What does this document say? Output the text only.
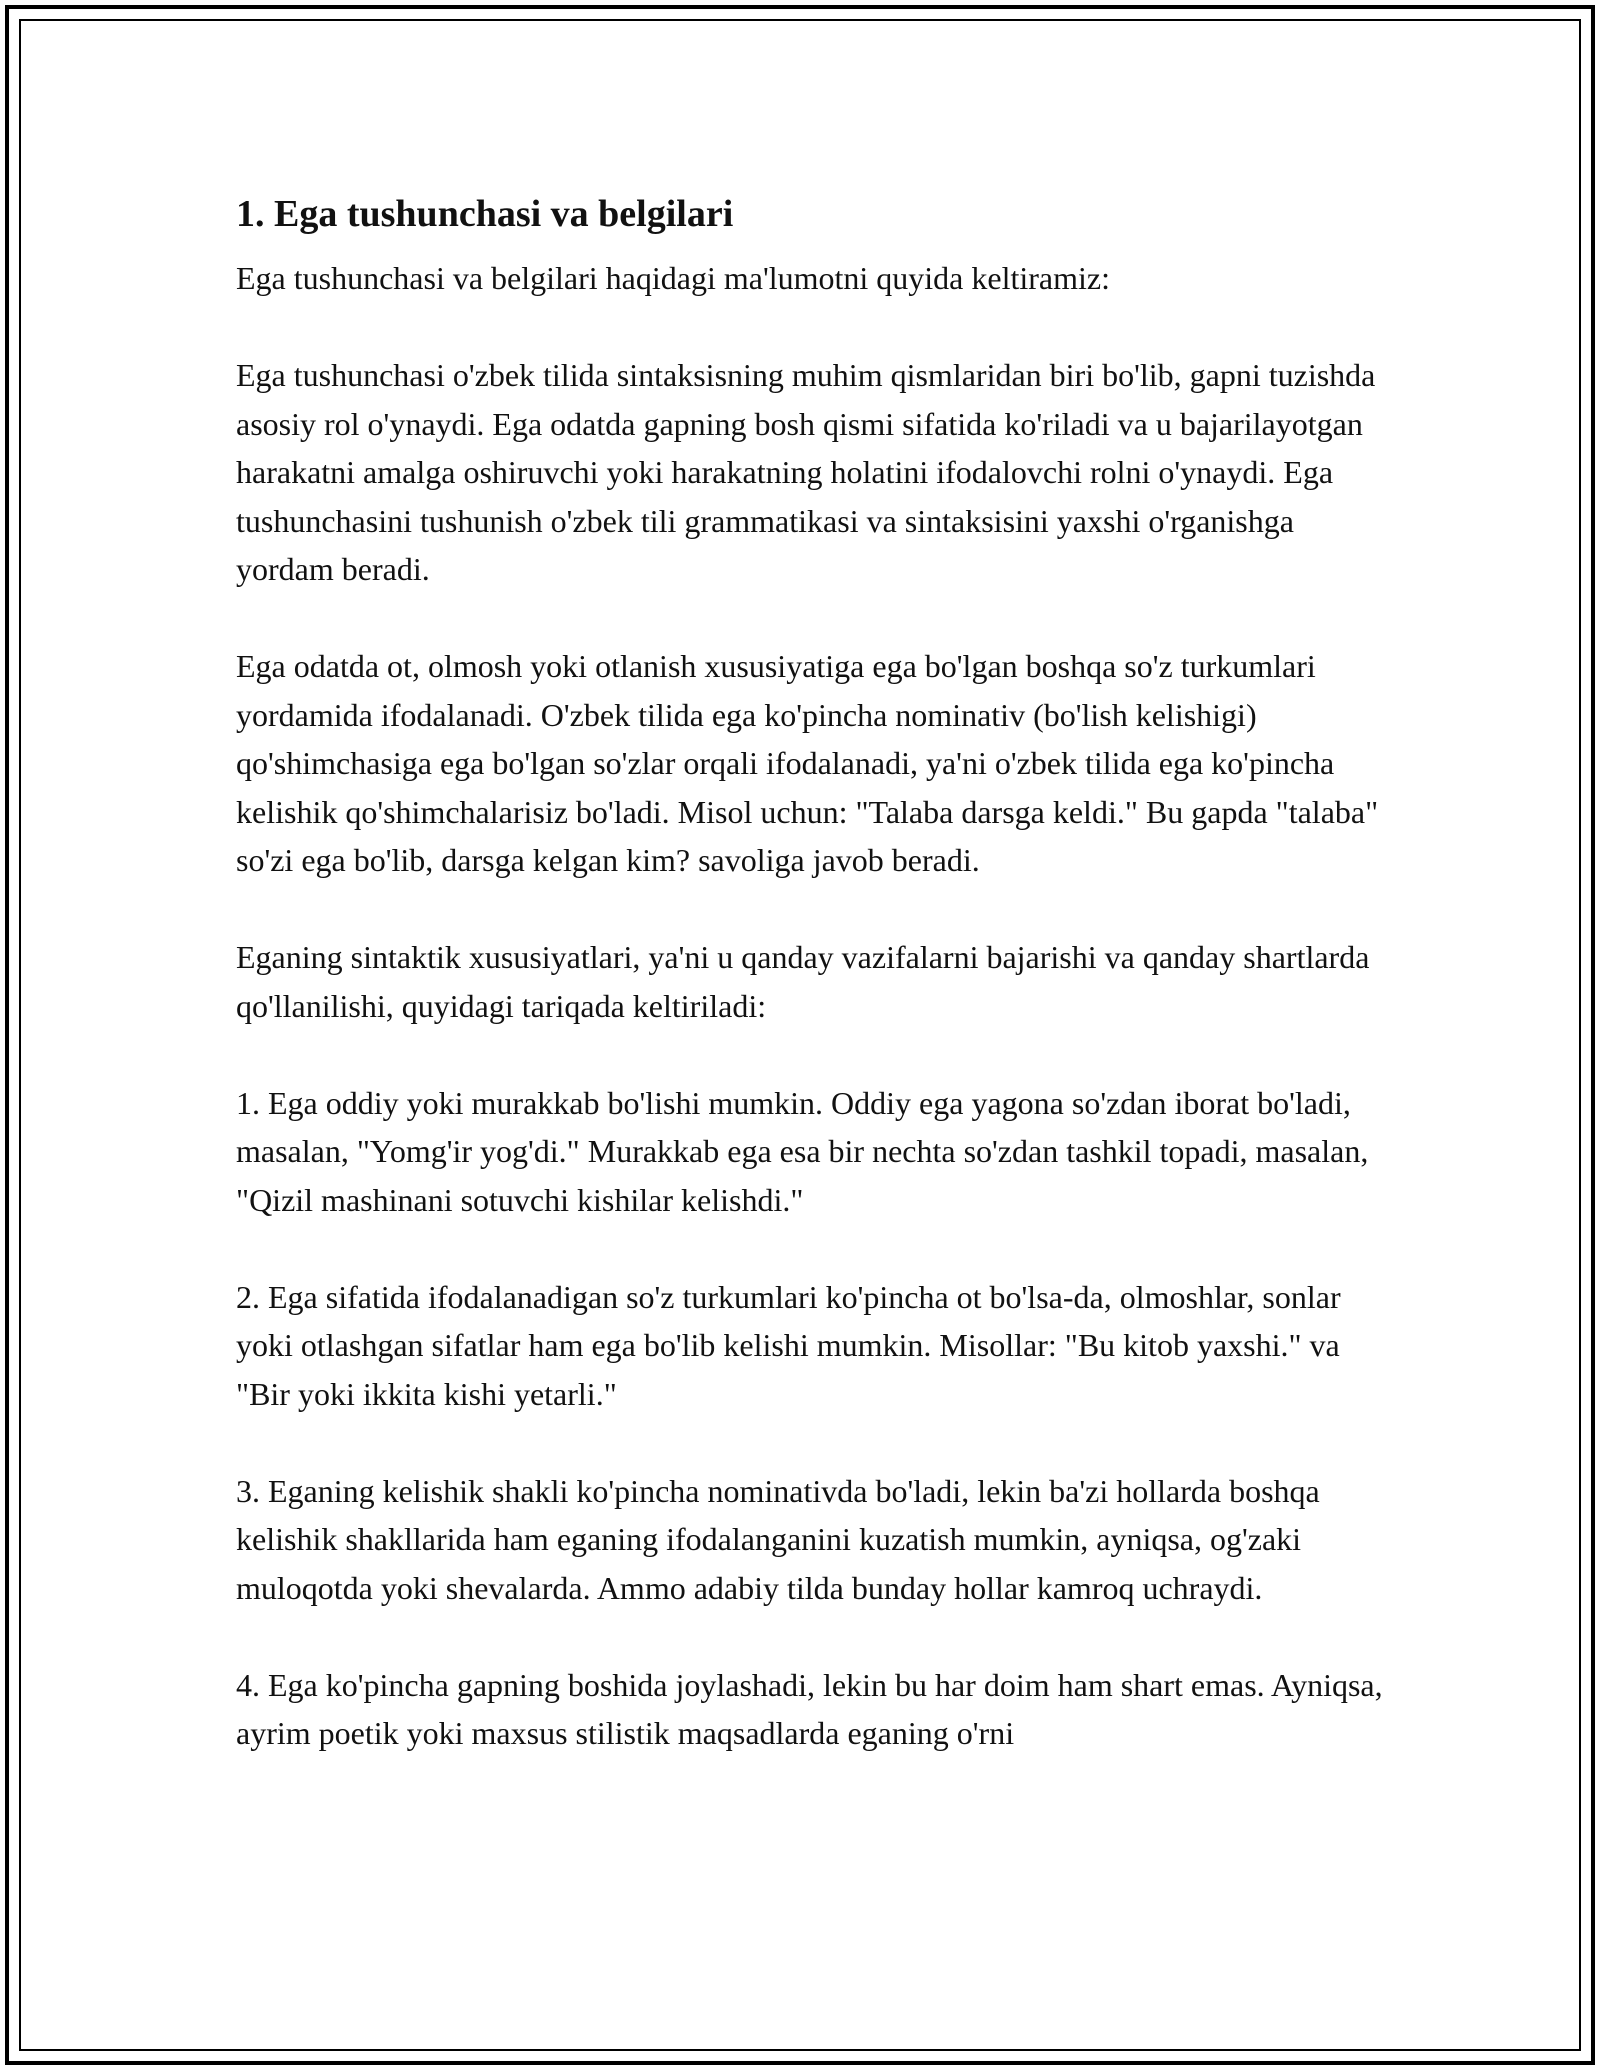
1. Ega tushunchasi va belgilari

Ega tushunchasi va belgilari haqidagi ma'lumotni quyida keltiramiz:

Ega tushunchasi o'zbek tilida sintaksisning muhim qismlaridan biri bo'lib, gapni tuzishda asosiy rol o'ynaydi. Ega odatda gapning bosh qismi sifatida ko'riladi va u bajarilayotgan harakatni amalga oshiruvchi yoki harakatning holatini ifodalovchi rolni o'ynaydi. Ega tushunchasini tushunish o'zbek tili grammatikasi va sintaksisini yaxshi o'rganishga yordam beradi.

Ega odatda ot, olmosh yoki otlanish xususiyatiga ega bo'lgan boshqa so'z turkumlari yordamida ifodalanadi. O'zbek tilida ega ko'pincha nominativ (bo'lish kelishigi) qo'shimchasiga ega bo'lgan so'zlar orqali ifodalanadi, ya'ni o'zbek tilida ega ko'pincha kelishik qo'shimchalarisiz bo'ladi. Misol uchun: "Talaba darsga keldi." Bu gapda "talaba" so'zi ega bo'lib, darsga kelgan kim? savoliga javob beradi.

Eganing sintaktik xususiyatlari, ya'ni u qanday vazifalarni bajarishi va qanday shartlarda qo'llanilishi, quyidagi tariqada keltiriladi:

1. Ega oddiy yoki murakkab bo'lishi mumkin. Oddiy ega yagona so'zdan iborat bo'ladi, masalan, "Yomg'ir yog'di." Murakkab ega esa bir nechta so'zdan tashkil topadi, masalan, "Qizil mashinani sotuvchi kishilar kelishdi."

2. Ega sifatida ifodalanadigan so'z turkumlari ko'pincha ot bo'lsa-da, olmoshlar, sonlar yoki otlashgan sifatlar ham ega bo'lib kelishi mumkin. Misollar: "Bu kitob yaxshi." va "Bir yoki ikkita kishi yetarli."

3. Eganing kelishik shakli ko'pincha nominativda bo'ladi, lekin ba'zi hollarda boshqa kelishik shakllarida ham eganing ifodalanganini kuzatish mumkin, ayniqsa, og'zaki muloqotda yoki shevalarda. Ammo adabiy tilda bunday hollar kamroq uchraydi.

4. Ega ko'pincha gapning boshida joylashadi, lekin bu har doim ham shart emas. Ayniqsa, ayrim poetik yoki maxsus stilistik maqsadlarda eganing o'rni
